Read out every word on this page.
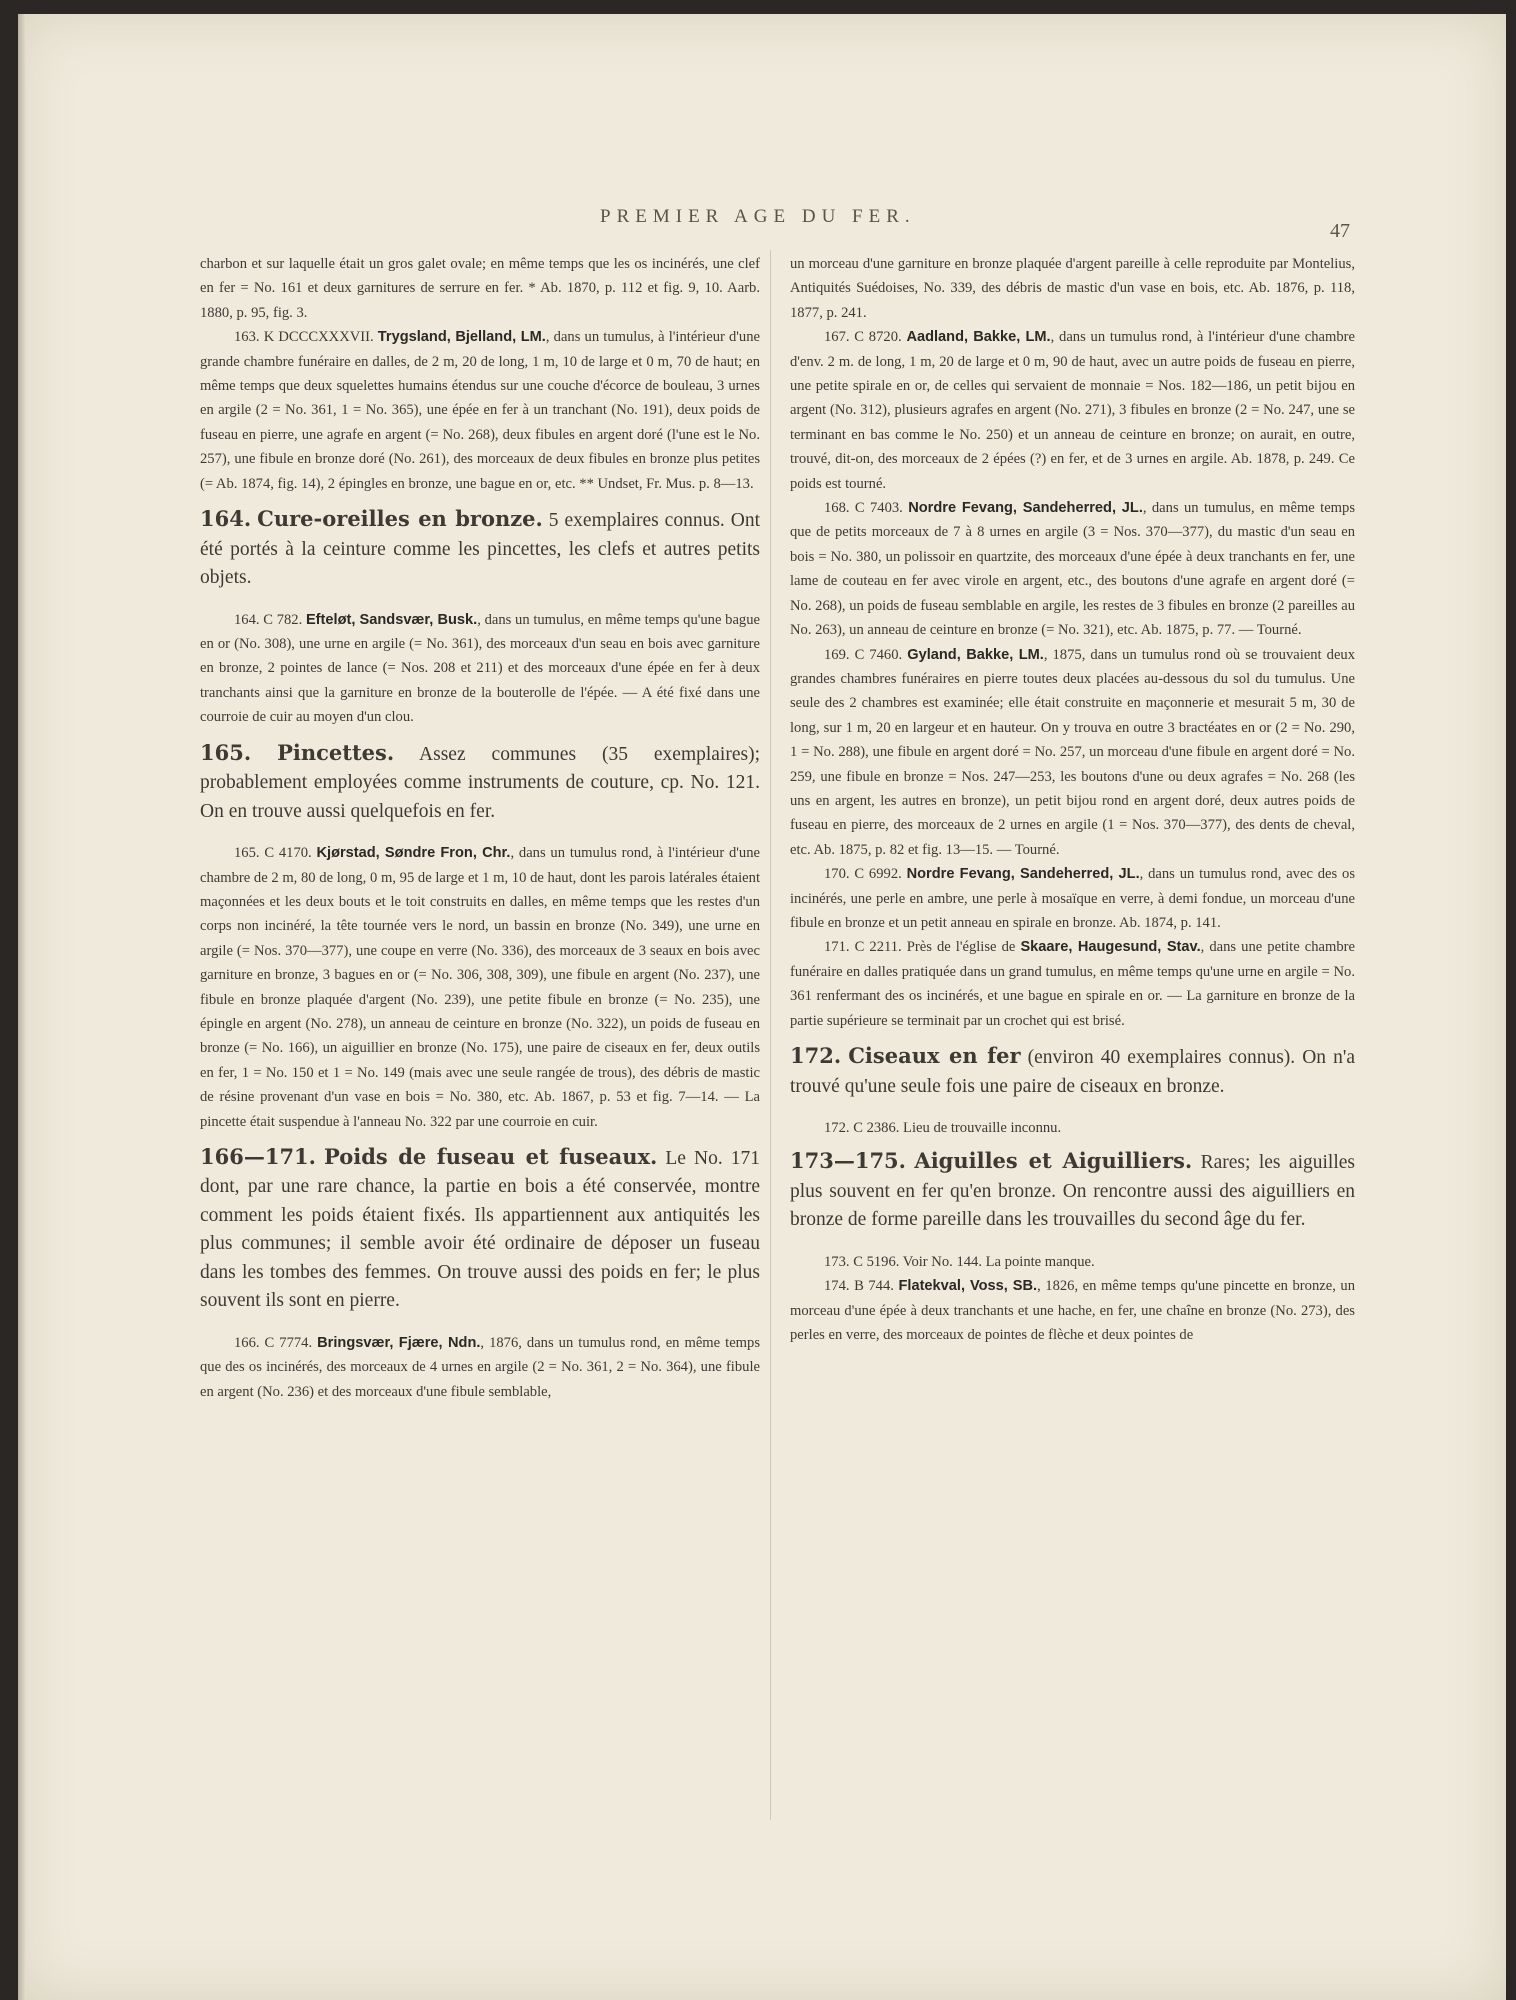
PREMIER AGE DU FER.
47

charbon et sur laquelle était un gros galet ovale; en même temps que les os incinérés, une clef en fer = No. 161 et deux garnitures de serrure en fer. * Ab. 1870, p. 112 et fig. 9, 10. Aarb. 1880, p. 95, fig. 3.

163. K DCCCXXXVII. Trygsland, Bjelland, LM., dans un tumulus, à l'intérieur d'une grande chambre funéraire en dalles, de 2 m, 20 de long, 1 m, 10 de large et 0 m, 70 de haut; en même temps que deux squelettes humains étendus sur une couche d'écorce de bouleau, 3 urnes en argile (2 = No. 361, 1 = No. 365), une épée en fer à un tranchant (No. 191), deux poids de fuseau en pierre, une agrafe en argent (= No. 268), deux fibules en argent doré (l'une est le No. 257), une fibule en bronze doré (No. 261), des morceaux de deux fibules en bronze plus petites (= Ab. 1874, fig. 14), 2 épingles en bronze, une bague en or, etc. ** Undset, Fr. Mus. p. 8—13.

164. Cure-oreilles en bronze. 5 exemplaires connus. Ont été portés à la ceinture comme les pincettes, les clefs et autres petits objets.

164. C 782. Efteløt, Sandsvær, Busk., dans un tumulus, en même temps qu'une bague en or (No. 308), une urne en argile (= No. 361), des morceaux d'un seau en bois avec garniture en bronze, 2 pointes de lance (= Nos. 208 et 211) et des morceaux d'une épée en fer à deux tranchants ainsi que la garniture en bronze de la bouterolle de l'épée. — A été fixé dans une courroie de cuir au moyen d'un clou.

165. Pincettes. Assez communes (35 exemplaires); probablement employées comme instruments de couture, cp. No. 121. On en trouve aussi quelquefois en fer.

165. C 4170. Kjørstad, Søndre Fron, Chr., dans un tumulus rond, à l'intérieur d'une chambre de 2 m, 80 de long, 0 m, 95 de large et 1 m, 10 de haut, dont les parois latérales étaient maçonnées et les deux bouts et le toit construits en dalles, en même temps que les restes d'un corps non incinéré, la tête tournée vers le nord, un bassin en bronze (No. 349), une urne en argile (= Nos. 370—377), une coupe en verre (No. 336), des morceaux de 3 seaux en bois avec garniture en bronze, 3 bagues en or (= No. 306, 308, 309), une fibule en argent (No. 237), une fibule en bronze plaquée d'argent (No. 239), une petite fibule en bronze (= No. 235), une épingle en argent (No. 278), un anneau de ceinture en bronze (No. 322), un poids de fuseau en bronze (= No. 166), un aiguillier en bronze (No. 175), une paire de ciseaux en fer, deux outils en fer, 1 = No. 150 et 1 = No. 149 (mais avec une seule rangée de trous), des débris de mastic de résine provenant d'un vase en bois = No. 380, etc. Ab. 1867, p. 53 et fig. 7—14. — La pincette était suspendue à l'anneau No. 322 par une courroie en cuir.

166—171. Poids de fuseau et fuseaux. Le No. 171 dont, par une rare chance, la partie en bois a été conservée, montre comment les poids étaient fixés. Ils appartiennent aux antiquités les plus communes; il semble avoir été ordinaire de déposer un fuseau dans les tombes des femmes. On trouve aussi des poids en fer; le plus souvent ils sont en pierre.

166. C 7774. Bringsvær, Fjære, Ndn., 1876, dans un tumulus rond, en même temps que des os incinérés, des morceaux de 4 urnes en argile (2 = No. 361, 2 = No. 364), une fibule en argent (No. 236) et des morceaux d'une fibule semblable,

un morceau d'une garniture en bronze plaquée d'argent pareille à celle reproduite par Montelius, Antiquités Suédoises, No. 339, des débris de mastic d'un vase en bois, etc. Ab. 1876, p. 118, 1877, p. 241.

167. C 8720. Aadland, Bakke, LM., dans un tumulus rond, à l'intérieur d'une chambre d'env. 2 m. de long, 1 m, 20 de large et 0 m, 90 de haut, avec un autre poids de fuseau en pierre, une petite spirale en or, de celles qui servaient de monnaie = Nos. 182—186, un petit bijou en argent (No. 312), plusieurs agrafes en argent (No. 271), 3 fibules en bronze (2 = No. 247, une se terminant en bas comme le No. 250) et un anneau de ceinture en bronze; on aurait, en outre, trouvé, dit-on, des morceaux de 2 épées (?) en fer, et de 3 urnes en argile. Ab. 1878, p. 249. Ce poids est tourné.

168. C 7403. Nordre Fevang, Sandeherred, JL., dans un tumulus, en même temps que de petits morceaux de 7 à 8 urnes en argile (3 = Nos. 370—377), du mastic d'un seau en bois = No. 380, un polissoir en quartzite, des morceaux d'une épée à deux tranchants en fer, une lame de couteau en fer avec virole en argent, etc., des boutons d'une agrafe en argent doré (= No. 268), un poids de fuseau semblable en argile, les restes de 3 fibules en bronze (2 pareilles au No. 263), un anneau de ceinture en bronze (= No. 321), etc. Ab. 1875, p. 77. — Tourné.

169. C 7460. Gyland, Bakke, LM., 1875, dans un tumulus rond où se trouvaient deux grandes chambres funéraires en pierre toutes deux placées au-dessous du sol du tumulus. Une seule des 2 chambres est examinée; elle était construite en maçonnerie et mesurait 5 m, 30 de long, sur 1 m, 20 en largeur et en hauteur. On y trouva en outre 3 bractéates en or (2 = No. 290, 1 = No. 288), une fibule en argent doré = No. 257, un morceau d'une fibule en argent doré = No. 259, une fibule en bronze = Nos. 247—253, les boutons d'une ou deux agrafes = No. 268 (les uns en argent, les autres en bronze), un petit bijou rond en argent doré, deux autres poids de fuseau en pierre, des morceaux de 2 urnes en argile (1 = Nos. 370—377), des dents de cheval, etc. Ab. 1875, p. 82 et fig. 13—15. — Tourné.

170. C 6992. Nordre Fevang, Sandeherred, JL., dans un tumulus rond, avec des os incinérés, une perle en ambre, une perle à mosaïque en verre, à demi fondue, un morceau d'une fibule en bronze et un petit anneau en spirale en bronze. Ab. 1874, p. 141.

171. C 2211. Près de l'église de Skaare, Haugesund, Stav., dans une petite chambre funéraire en dalles pratiquée dans un grand tumulus, en même temps qu'une urne en argile = No. 361 renfermant des os incinérés, et une bague en spirale en or. — La garniture en bronze de la partie supérieure se terminait par un crochet qui est brisé.

172. Ciseaux en fer (environ 40 exemplaires connus). On n'a trouvé qu'une seule fois une paire de ciseaux en bronze.

172. C 2386. Lieu de trouvaille inconnu.

173—175. Aiguilles et Aiguilliers. Rares; les aiguilles plus souvent en fer qu'en bronze. On rencontre aussi des aiguilliers en bronze de forme pareille dans les trouvailles du second âge du fer.

173. C 5196. Voir No. 144. La pointe manque.

174. B 744. Flatekval, Voss, SB., 1826, en même temps qu'une pincette en bronze, un morceau d'une épée à deux tranchants et une hache, en fer, une chaîne en bronze (No. 273), des perles en verre, des morceaux de pointes de flèche et deux pointes de
